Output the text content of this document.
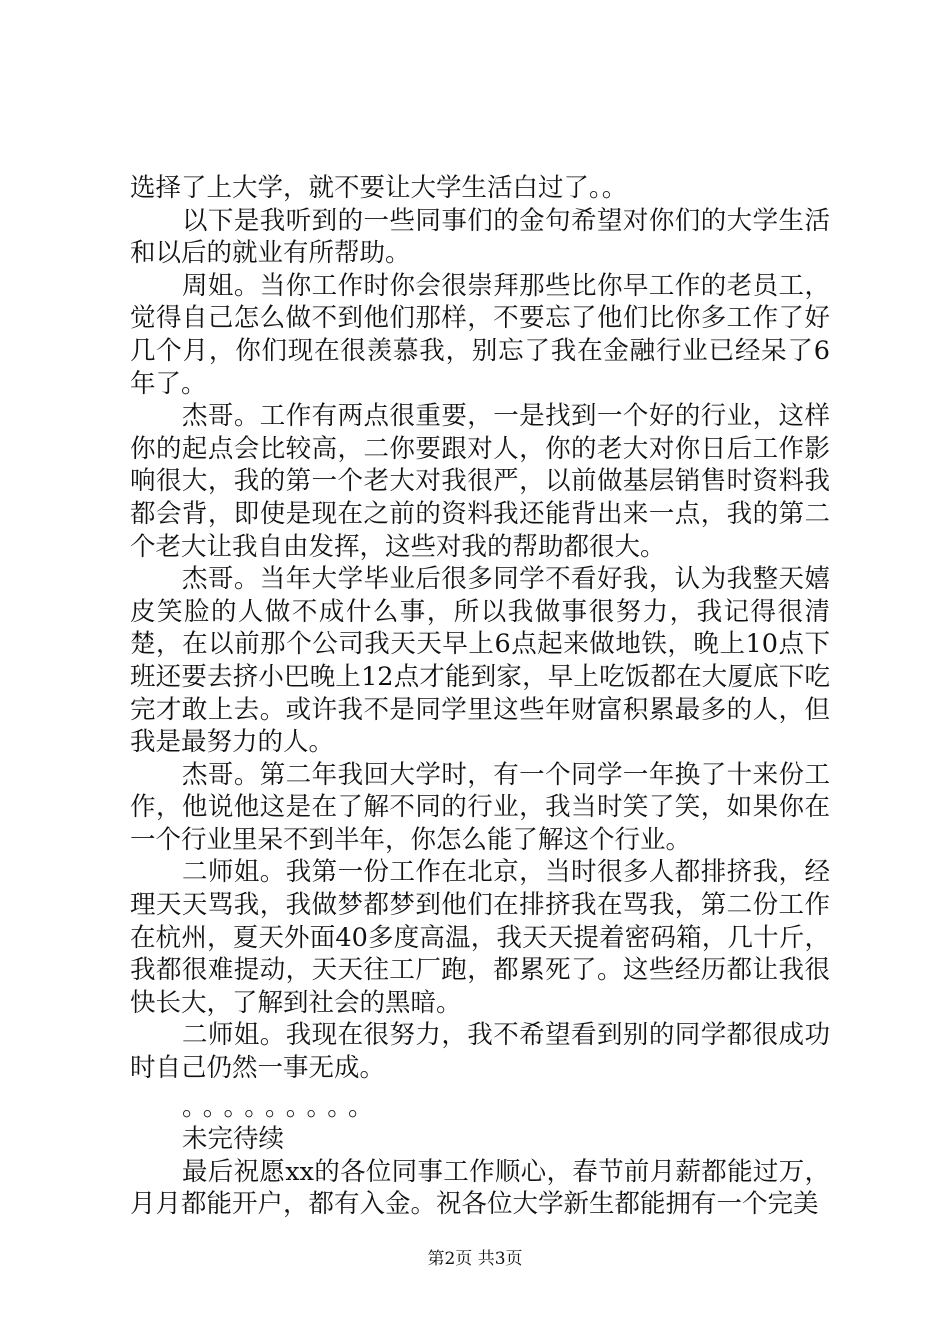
选择了上大学，就不要让大学生活白过了。。

以下是我听到的一些同事们的金句希望对你们的大学生活和以后的就业有所帮助。

周姐。当你工作时你会很崇拜那些比你早工作的老员工，觉得自己怎么做不到他们那样，不要忘了他们比你多工作了好几个月，你们现在很羡慕我，别忘了我在金融行业已经呆了6年了。

杰哥。工作有两点很重要，一是找到一个好的行业，这样你的起点会比较高，二你要跟对人，你的老大对你日后工作影响很大，我的第一个老大对我很严，以前做基层销售时资料我都会背，即使是现在之前的资料我还能背出来一点，我的第二个老大让我自由发挥，这些对我的帮助都很大。

杰哥。当年大学毕业后很多同学不看好我，认为我整天嬉皮笑脸的人做不成什么事，所以我做事很努力，我记得很清楚，在以前那个公司我天天早上6点起来做地铁，晚上10点下班还要去挤小巴晚上12点才能到家，早上吃饭都在大厦底下吃完才敢上去。或许我不是同学里这些年财富积累最多的人，但我是最努力的人。

杰哥。第二年我回大学时，有一个同学一年换了十来份工作，他说他这是在了解不同的行业，我当时笑了笑，如果你在一个行业里呆不到半年，你怎么能了解这个行业。

二师姐。我第一份工作在北京，当时很多人都排挤我，经理天天骂我，我做梦都梦到他们在排挤我在骂我，第二份工作在杭州，夏天外面40多度高温，我天天提着密码箱，几十斤，我都很难提动，天天往工厂跑，都累死了。这些经历都让我很快长大，了解到社会的黑暗。

二师姐。我现在很努力，我不希望看到别的同学都很成功时自己仍然一事无成。

。。。。。。。。。

未完待续

最后祝愿xx的各位同事工作顺心，春节前月薪都能过万，月月都能开户，都有入金。祝各位大学新生都能拥有一个完美

第2页 共3页
